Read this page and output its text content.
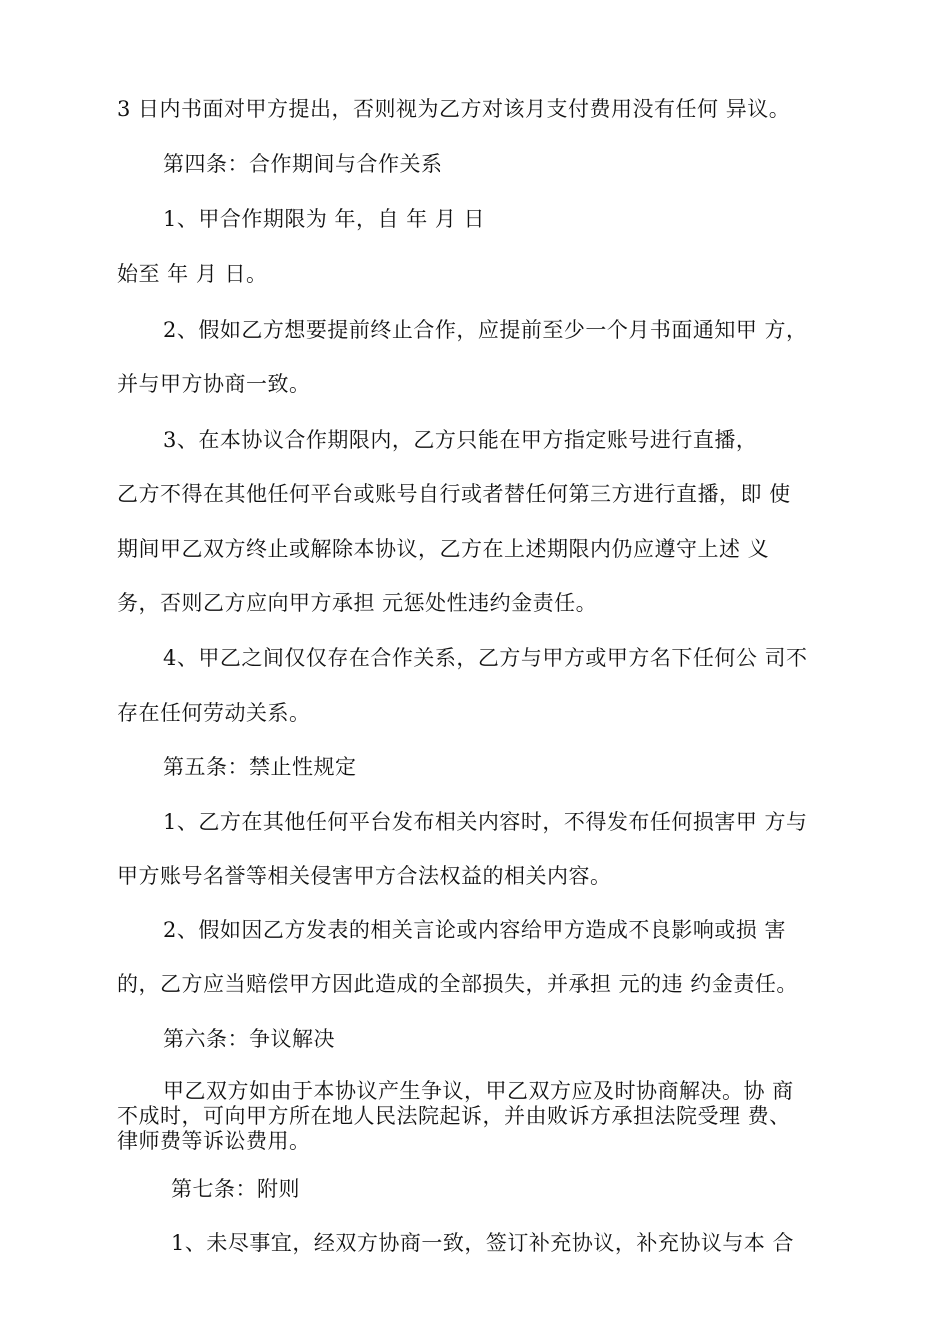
3 日内书面对甲方提出，否则视为乙方对该月支付费用没有任何 异议。
第四条：合作期间与合作关系
1、甲合作期限为 年，自 年 月 日
始至 年 月 日。
2、假如乙方想要提前终止合作，应提前至少一个月书面通知甲 方，
并与甲方协商一致。
3、在本协议合作期限内，乙方只能在甲方指定账号进行直播，
乙方不得在其他任何平台或账号自行或者替任何第三方进行直播，即 使
期间甲乙双方终止或解除本协议，乙方在上述期限内仍应遵守上述 义
务，否则乙方应向甲方承担 元惩处性违约金责任。
4、甲乙之间仅仅存在合作关系，乙方与甲方或甲方名下任何公 司不
存在任何劳动关系。
第五条：禁止性规定
1、乙方在其他任何平台发布相关内容时，不得发布任何损害甲 方与
甲方账号名誉等相关侵害甲方合法权益的相关内容。
2、假如因乙方发表的相关言论或内容给甲方造成不良影响或损 害
的，乙方应当赔偿甲方因此造成的全部损失，并承担 元的违 约金责任。
第六条：争议解决
甲乙双方如由于本协议产生争议，甲乙双方应及时协商解决。协 商
不成时，可向甲方所在地人民法院起诉，并由败诉方承担法院受理 费、
律师费等诉讼费用。
第七条：附则
1、未尽事宜，经双方协商一致，签订补充协议，补充协议与本 合
